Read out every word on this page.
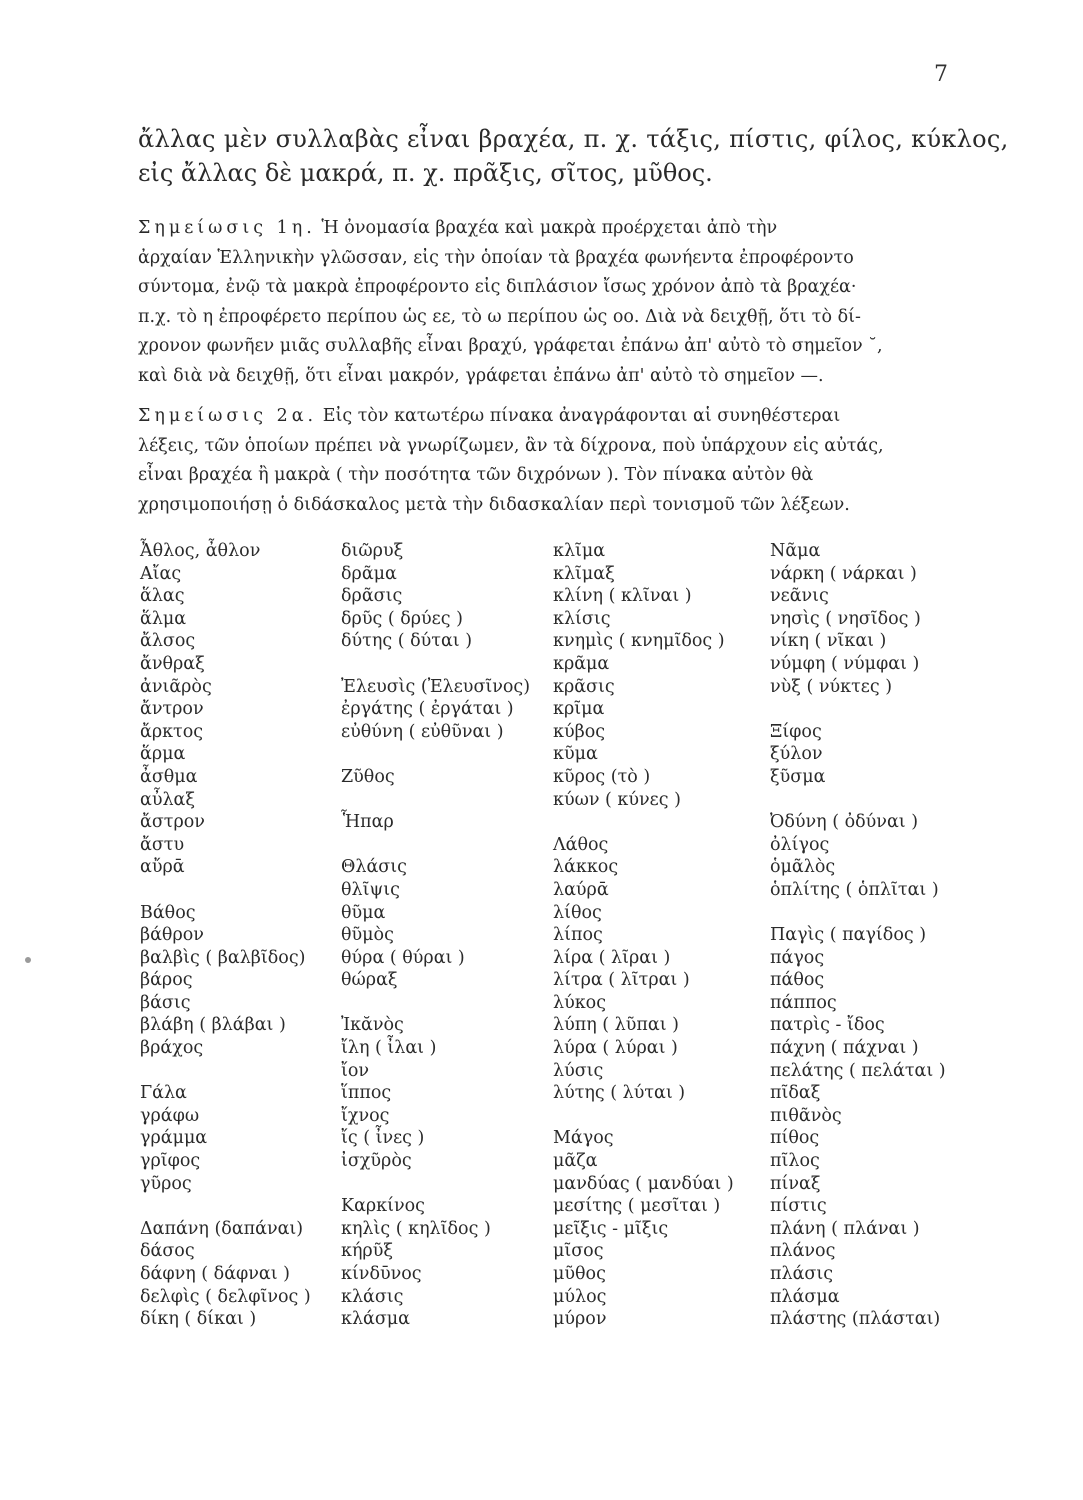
7
ἄλλας μὲν συλλαβὰς εἶναι βραχέα, π. χ. τάξις, πίστις, φίλος, κύκλος,
εἰς ἄλλας δὲ μακρά, π. χ. πρᾶξις, σῖτος, μῦθος.
Σημείωσις 1η. Ἡ ὀνομασία βραχέα καὶ μακρὰ προέρχεται ἀπὸ τὴν
ἀρχαίαν Ἑλληνικὴν γλῶσσαν, εἰς τὴν ὁποίαν τὰ βραχέα φωνήεντα ἐπροφέροντο
σύντομα, ἐνῷ τὰ μακρὰ ἐπροφέροντο εἰς διπλάσιον ἴσως χρόνον ἀπὸ τὰ βραχέα·
π.χ. τὸ η ἐπροφέρετο περίπου ὡς εε, τὸ ω περίπου ὡς οο. Διὰ νὰ δειχθῇ, ὅτι τὸ δί-
χρονον φωνῆεν μιᾶς συλλαβῆς εἶναι βραχύ, γράφεται ἐπάνω ἀπ' αὐτὸ τὸ σημεῖον ˘,
καὶ διὰ νὰ δειχθῇ, ὅτι εἶναι μακρόν, γράφεται ἐπάνω ἀπ' αὐτὸ τὸ σημεῖον —.
Σημείωσις 2α. Εἰς τὸν κατωτέρω πίνακα ἀναγράφονται αἱ συνηθέστεραι
λέξεις, τῶν ὁποίων πρέπει νὰ γνωρίζωμεν, ἂν τὰ δίχρονα, ποὺ ὑπάρχουν εἰς αὐτάς,
εἶναι βραχέα ἢ μακρὰ ( τὴν ποσότητα τῶν διχρόνων ). Τὸν πίνακα αὐτὸν θὰ
χρησιμοποιήσῃ ὁ διδάσκαλος μετὰ τὴν διδασκαλίαν περὶ τονισμοῦ τῶν λέξεων.
Ἆθλος, ἆθλον
Αἴας
ἅλας
ἅλμα
ἄλσος
ἄνθραξ
ἀνιᾶρὸς
ἄντρον
ἄρκτος
ἅρμα
ἆσθμα
αὖλαξ
ἄστρον
ἄστυ
αὔρᾱ
Βάθος
βάθρον
βαλβὶς ( βαλβῖδος)
βάρος
βάσις
βλάβη ( βλάβαι )
βράχος
Γάλα
γράφω
γράμμα
γρῖφος
γῦρος
Δαπάνη (δαπάναι)
δάσος
δάφνη ( δάφναι )
δελφὶς ( δελφῖνος )
δίκη ( δίκαι )
διῶρυξ
δρᾶμα
δρᾶσις
δρῦς ( δρύες )
δύτης ( δύται )
Ἐλευσὶς (Ἐλευσῖνος)
ἐργάτης ( ἐργάται )
εὐθύνη ( εὐθῦναι )
Ζῦθος
Ἧπαρ
Θλάσις
θλῖψις
θῦμα
θῦμὸς
θύρα ( θύραι )
θώραξ
Ἰκᾰνὸς
ἴλη ( ἶλαι )
ἴον
ἵππος
ἴχνος
ἴς ( ἶνες )
ἰσχῦρὸς
Καρκίνος
κηλὶς ( κηλῖδος )
κήρῦξ
κίνδῡνος
κλάσις
κλάσμα
κλῖμα
κλῖμαξ
κλίνη ( κλῖναι )
κλίσις
κνημὶς ( κνημῖδος )
κρᾶμα
κρᾶσις
κρῖμα
κύβος
κῦμα
κῦρος (τὸ )
κύων ( κύνες )
Λάθος
λάκκος
λαύρᾱ
λίθος
λίπος
λίρα ( λῖραι )
λίτρα ( λῖτραι )
λύκος
λύπη ( λῦπαι )
λύρα ( λύραι )
λύσις
λύτης ( λύται )
Μάγος
μᾶζα
μανδύας ( μανδύαι )
μεσίτης ( μεσῖται )
μεῖξις - μῖξις
μῖσος
μῦθος
μύλος
μύρον
Νᾶμα
νάρκη ( νάρκαι )
νεᾶνις
νησὶς ( νησῖδος )
νίκη ( νῖκαι )
νύμφη ( νύμφαι )
νὺξ ( νύκτες )
Ξίφος
ξύλον
ξῦσμα
Ὀδύνη ( ὀδύναι )
ὀλίγος
ὁμᾶλὸς
ὁπλίτης ( ὁπλῖται )
Παγὶς ( παγίδος )
πάγος
πάθος
πάππος
πατρὶς - ἴδος
πάχνη ( πάχναι )
πελάτης ( πελάται )
πῖδαξ
πιθᾶνὸς
πίθος
πῖλος
πίναξ
πίστις
πλάνη ( πλάναι )
πλάνος
πλάσις
πλάσμα
πλάστης (πλάσται)
